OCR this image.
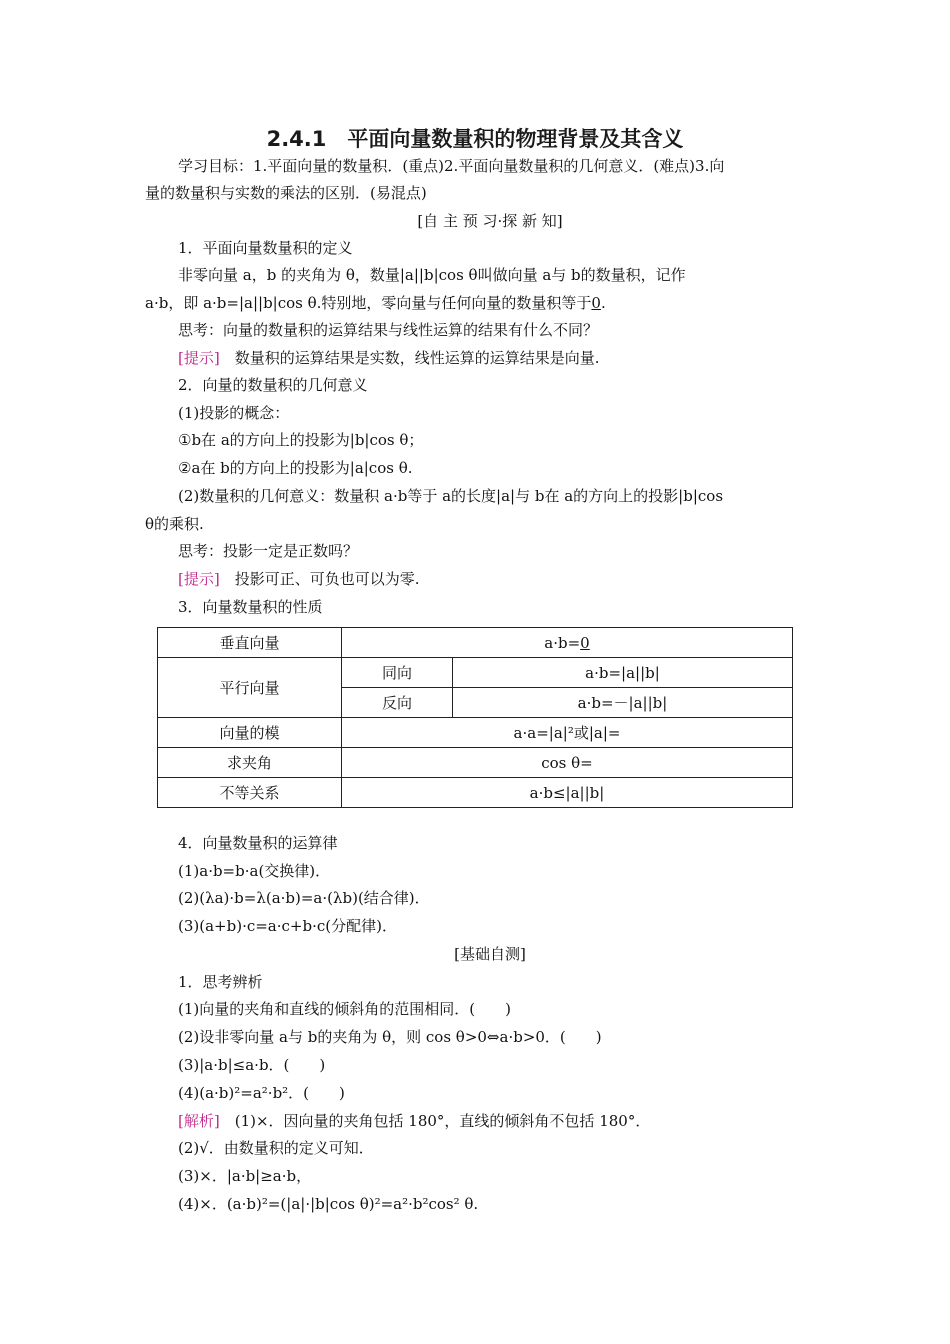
2.4.1　平面向量数量积的物理背景及其含义
学习目标：1.平面向量的数量积．(重点)2.平面向量数量积的几何意义．(难点)3.向
量的数量积与实数的乘法的区别．(易混点)
[自 主 预 习·探 新 知]
1．平面向量数量积的定义
非零向量 a，b 的夹角为 θ，数量|a||b|cos θ叫做向量 a与 b的数量积，记作
a·b，即 a·b=|a||b|cos θ.特别地，零向量与任何向量的数量积等于0.
思考：向量的数量积的运算结果与线性运算的结果有什么不同？
[提示]　数量积的运算结果是实数，线性运算的运算结果是向量.
2．向量的数量积的几何意义
(1)投影的概念：
①b在 a的方向上的投影为|b|cos θ；
②a在 b的方向上的投影为|a|cos θ.
(2)数量积的几何意义：数量积 a·b等于 a的长度|a|与 b在 a的方向上的投影|b|cos
θ的乘积.
思考：投影一定是正数吗？
[提示]　投影可正、可负也可以为零.
3．向量数量积的性质
垂直向量	a·b=0	
平行向量	同向	a·b=|a||b|
	反向	a·b=－|a||b|
向量的模	a·a=|a|²或|a|=	
求夹角	cos θ=	
不等关系	a·b≤|a||b|	
4．向量数量积的运算律
(1)a·b=b·a(交换律)．
(2)(λa)·b=λ(a·b)=a·(λb)(结合律)．
(3)(a+b)·c=a·c+b·c(分配律)．
[基础自测]
1．思考辨析
(1)向量的夹角和直线的倾斜角的范围相同．(　　)
(2)设非零向量 a与 b的夹角为 θ，则 cos θ>0⇔a·b>0．(　　)
(3)|a·b|≤a·b．(　　)
(4)(a·b)²=a²·b²．(　　)
[解析]　(1)×．因向量的夹角包括 180°，直线的倾斜角不包括 180°．
(2)√．由数量积的定义可知．
(3)×．|a·b|≥a·b，
(4)×．(a·b)²=(|a|·|b|cos θ)²=a²·b²cos² θ.
